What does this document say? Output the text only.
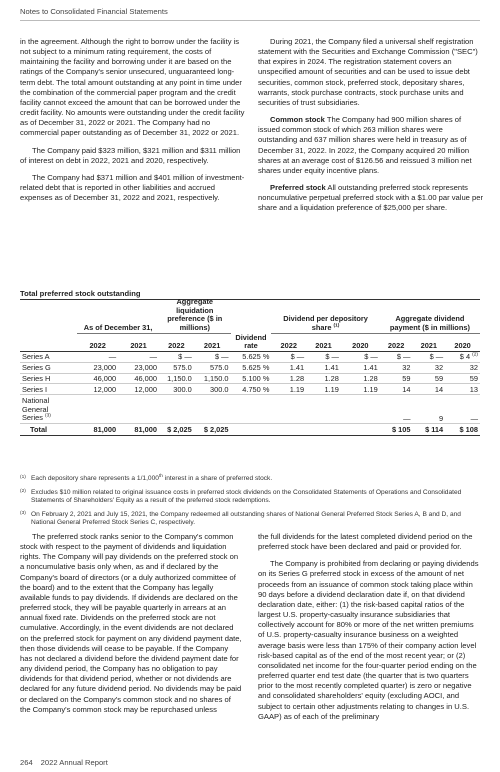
Notes to Consolidated Financial Statements

in the agreement. Although the right to borrow under the facility is not subject to a minimum rating requirement, the costs of maintaining the facility and borrowing under it are based on the ratings of the Company's senior unsecured, unguaranteed long-term debt. The total amount outstanding at any point in time under the combination of the commercial paper program and the credit facility cannot exceed the amount that can be borrowed under the credit facility. No amounts were outstanding under the credit facility as of December 31, 2022 or 2021. The Company had no commercial paper outstanding as of December 31, 2022 or 2021.

The Company paid $323 million, $321 million and $311 million of interest on debt in 2022, 2021 and 2020, respectively.

The Company had $371 million and $401 million of investment-related debt that is reported in other liabilities and accrued expenses as of December 31, 2022 and 2021, respectively.

During 2021, the Company filed a universal shelf registration statement with the Securities and Exchange Commission ("SEC") that expires in 2024. The registration statement covers an unspecified amount of securities and can be used to issue debt securities, common stock, preferred stock, depositary shares, warrants, stock purchase contracts, stock purchase units and securities of trust subsidiaries.

Common stock The Company had 900 million shares of issued common stock of which 263 million shares were outstanding and 637 million shares were held in treasury as of December 31, 2022. In 2022, the Company acquired 20 million shares at an average cost of $126.56 and reissued 3 million net shares under equity incentive plans.

Preferred stock All outstanding preferred stock represents noncumulative perpetual preferred stock with a $1.00 par value per share and a liquidation preference of $25,000 per share.

Total preferred stock outstanding
	As of December 31,		Aggregate liquidation preference ($ in millions)			Dividend per depository share $^{(1)}$			Aggregate dividend payment ($ in millions)		
	2022	2021	2022	2021	Dividend rate	2022	2021	2020	2022	2021	2020
Series A	—	—	$ —	$ —	5.625 %	$ —	$ —	$ —	$ —	$ —	$ 4 $^{(2)}$
Series G	23,000	23,000	575.0	575.0	5.625 %	1.41	1.41	1.41	32	32	32
Series H	46,000	46,000	1,150.0	1,150.0	5.100 %	1.28	1.28	1.28	59	59	59
Series I	12,000	12,000	300.0	300.0	4.750 %	1.19	1.19	1.19	14	14	13
National General
Series $^{(3)}$									—	9	—
Total	81,000	81,000	$ 2,025	$ 2,025					$ 105	$ 114	$ 108
(1) Each depository share represents a 1/1,000th interest in a share of preferred stock.
(2) Excludes $10 million related to original issuance costs in preferred stock dividends on the Consolidated Statements of Operations and Consolidated Statements of Shareholders' Equity as a result of the preferred stock redemptions.
(3) On February 2, 2021 and July 15, 2021, the Company redeemed all outstanding shares of National General Preferred Stock Series A, B and D, and National General Preferred Stock Series C, respectively.

The preferred stock ranks senior to the Company's common stock with respect to the payment of dividends and liquidation rights. The Company will pay dividends on the preferred stock on a noncumulative basis only when, as and if declared by the Company's board of directors (or a duly authorized committee of the board) and to the extent that the Company has legally available funds to pay dividends. If dividends are declared on the preferred stock, they will be payable quarterly in arrears at an annual fixed rate. Dividends on the preferred stock are not cumulative. Accordingly, in the event dividends are not declared on the preferred stock for payment on any dividend payment date, then those dividends will cease to be payable. If the Company has not declared a dividend before the dividend payment date for any dividend period, the Company has no obligation to pay dividends for that dividend period, whether or not dividends are declared for any future dividend period. No dividends may be paid or declared on the Company's common stock and no shares of the Company's common stock may be repurchased unless

the full dividends for the latest completed dividend period on the preferred stock have been declared and paid or provided for.

The Company is prohibited from declaring or paying dividends on its Series G preferred stock in excess of the amount of net proceeds from an issuance of common stock taking place within 90 days before a dividend declaration date if, on that dividend declaration date, either: (1) the risk-based capital ratios of the largest U.S. property-casualty insurance subsidiaries that collectively account for 80% or more of the net written premiums of U.S. property-casualty insurance business on a weighted average basis were less than 175% of their company action level risk-based capital as of the end of the most recent year; or (2) consolidated net income for the four-quarter period ending on the preferred quarter end test date (the quarter that is two quarters prior to the most recently completed quarter) is zero or negative and consolidated shareholders' equity (excluding AOCI, and subject to certain other adjustments relating to changes in U.S. GAAP) as of each of the preliminary

264 2022 Annual Report
